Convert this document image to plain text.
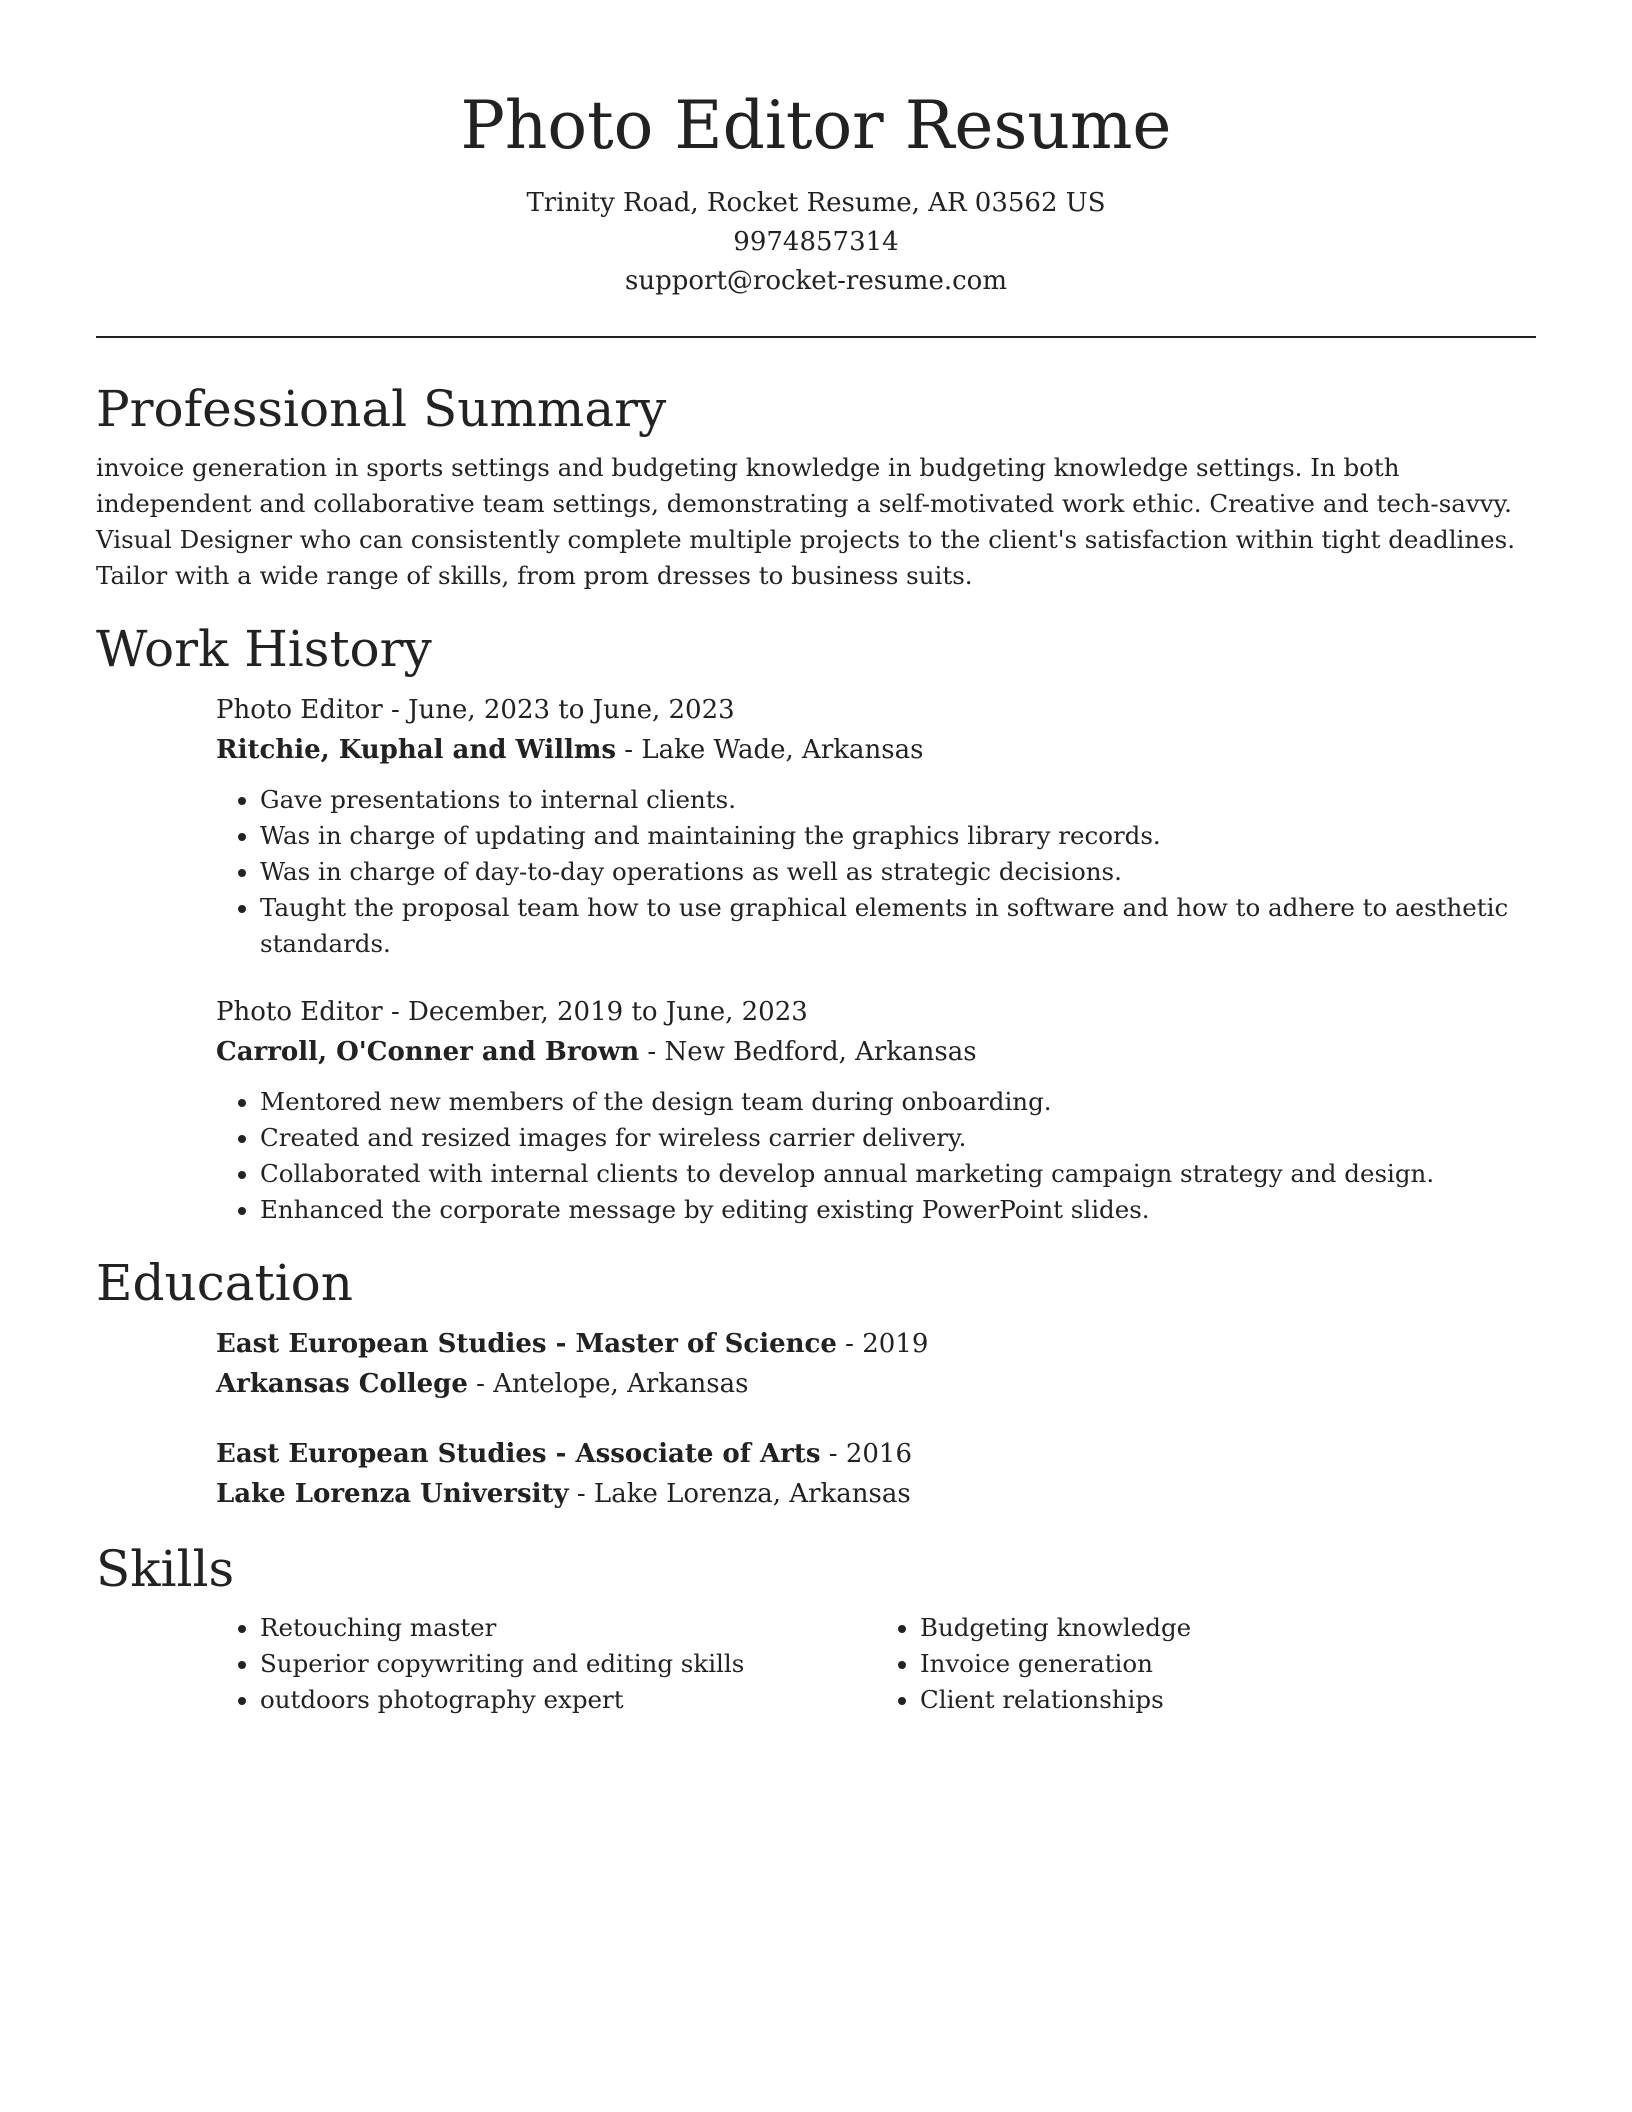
Photo Editor Resume
Trinity Road, Rocket Resume, AR 03562 US
9974857314
support@rocket-resume.com
Professional Summary

invoice generation in sports settings and budgeting knowledge in budgeting knowledge settings. In both independent and collaborative team settings, demonstrating a self-motivated work ethic. Creative and tech-savvy. Visual Designer who can consistently complete multiple projects to the client's satisfaction within tight deadlines. Tailor with a wide range of skills, from prom dresses to business suits.

Work History
Photo Editor - June, 2023 to June, 2023
Ritchie, Kuphal and Willms - Lake Wade, Arkansas
• Gave presentations to internal clients.
• Was in charge of updating and maintaining the graphics library records.
• Was in charge of day-to-day operations as well as strategic decisions.
• Taught the proposal team how to use graphical elements in software and how to adhere to aesthetic standards.
Photo Editor - December, 2019 to June, 2023
Carroll, O'Conner and Brown - New Bedford, Arkansas
• Mentored new members of the design team during onboarding.
• Created and resized images for wireless carrier delivery.
• Collaborated with internal clients to develop annual marketing campaign strategy and design.
• Enhanced the corporate message by editing existing PowerPoint slides.
Education
East European Studies - Master of Science - 2019
Arkansas College - Antelope, Arkansas
East European Studies - Associate of Arts - 2016
Lake Lorenza University - Lake Lorenza, Arkansas
Skills
• Retouching master
• Superior copywriting and editing skills
• outdoors photography expert
• Budgeting knowledge
• Invoice generation
• Client relationships
